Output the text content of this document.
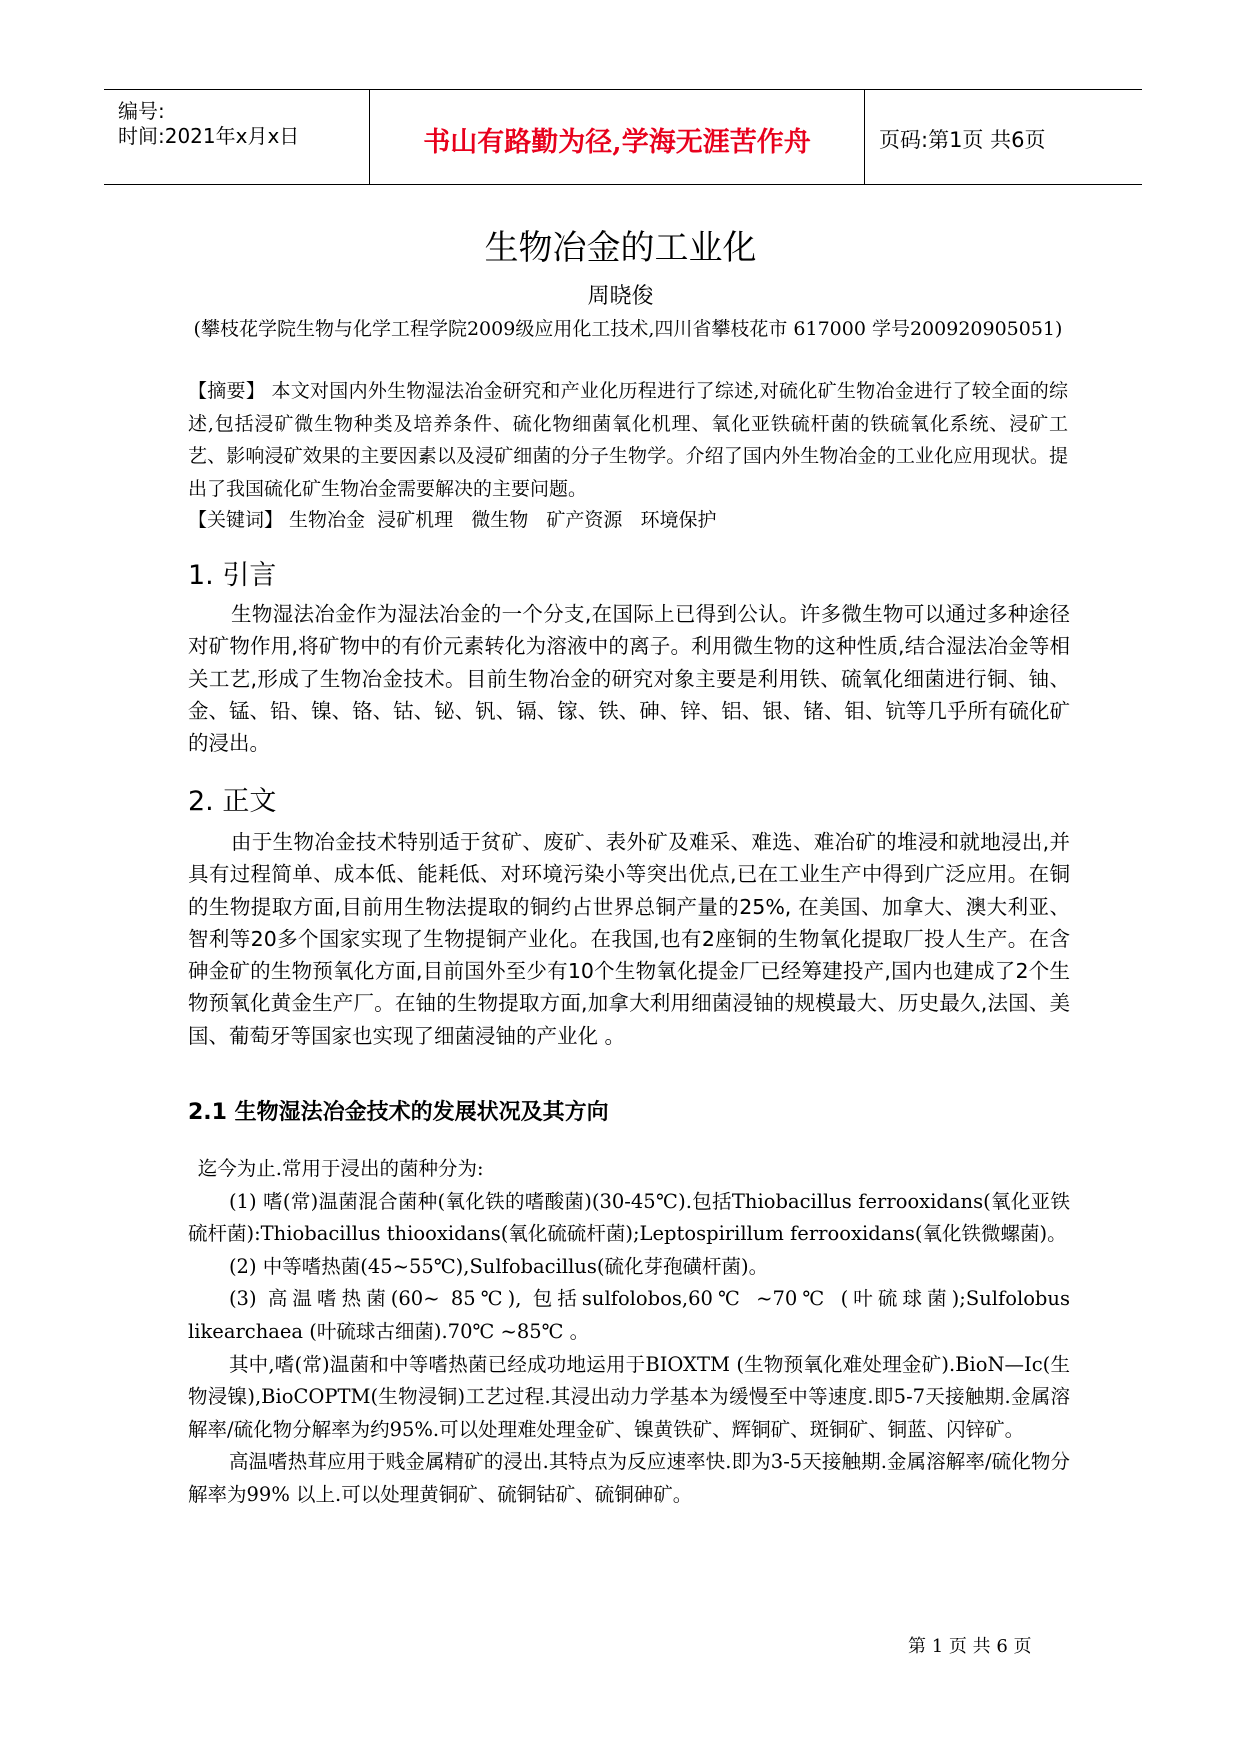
编号:
时间:2021年x月x日	书山有路勤为径,学海无涯苦作舟	页码:第1页 共6页
生物冶金的工业化
周晓俊
(攀枝花学院生物与化学工程学院2009级应用化工技术,四川省攀枝花市 617000 学号200920905051)
【摘要】 本文对国内外生物湿法冶金研究和产业化历程进行了综述,对硫化矿生物冶金进行了较全面的综述,包括浸矿微生物种类及培养条件、硫化物细菌氧化机理、氧化亚铁硫杆菌的铁硫氧化系统、浸矿工艺、影响浸矿效果的主要因素以及浸矿细菌的分子生物学。介绍了国内外生物冶金的工业化应用现状。提出了我国硫化矿生物冶金需要解决的主要问题。
【关键词】 生物冶金  浸矿机理   微生物   矿产资源   环境保护
1. 引言

生物湿法冶金作为湿法冶金的一个分支,在国际上已得到公认。许多微生物可以通过多种途径对矿物作用,将矿物中的有价元素转化为溶液中的离子。利用微生物的这种性质,结合湿法冶金等相关工艺,形成了生物冶金技术。目前生物冶金的研究对象主要是利用铁、硫氧化细菌进行铜、铀、金、锰、铅、镍、铬、钴、铋、钒、镉、镓、铁、砷、锌、铝、银、锗、钼、钪等几乎所有硫化矿的浸出。

2. 正文

由于生物冶金技术特别适于贫矿、废矿、表外矿及难采、难选、难冶矿的堆浸和就地浸出,并具有过程简单、成本低、能耗低、对环境污染小等突出优点,已在工业生产中得到广泛应用。在铜的生物提取方面,目前用生物法提取的铜约占世界总铜产量的25%, 在美国、加拿大、澳大利亚、智利等20多个国家实现了生物提铜产业化。在我国,也有2座铜的生物氧化提取厂投人生产。在含砷金矿的生物预氧化方面,目前国外至少有10个生物氧化提金厂已经筹建投产,国内也建成了2个生物预氧化黄金生产厂。在铀的生物提取方面,加拿大利用细菌浸铀的规模最大、历史最久,法国、美国、葡萄牙等国家也实现了细菌浸铀的产业化 。

2.1 生物湿法冶金技术的发展状况及其方向

迄今为止.常用于浸出的菌种分为:

(1) 嗜(常)温菌混合菌种(氧化铁的嗜酸菌)(30-45℃).包括Thiobacillus ferrooxidans(氧化亚铁硫杆菌):Thiobacillus thiooxidans(氧化硫硫杆菌);Leptospirillum ferrooxidans(氧化铁微螺菌)。

(2) 中等嗜热菌(45~55℃),Sulfobacillus(硫化芽孢磺杆菌)。

(3) 高温嗜热菌(60~ 85℃), 包括sulfolobos,60℃ ~70℃ (叶硫球菌);Sulfolobus likearchaea (叶硫球古细菌).70℃ ~85℃ 。

其中,嗜(常)温菌和中等嗜热菌已经成功地运用于BIOXTM (生物预氧化难处理金矿).BioN—Ic(生物浸镍),BioCOPTM(生物浸铜)工艺过程.其浸出动力学基本为缓慢至中等速度.即5-7天接触期.金属溶解率/硫化物分解率为约95%.可以处理难处理金矿、镍黄铁矿、辉铜矿、斑铜矿、铜蓝、闪锌矿。

高温嗜热茸应用于贱金属精矿的浸出.其特点为反应速率快.即为3-5天接触期.金属溶解率/硫化物分解率为99% 以上.可以处理黄铜矿、硫铜钴矿、硫铜砷矿。

第 1 页 共 6 页
